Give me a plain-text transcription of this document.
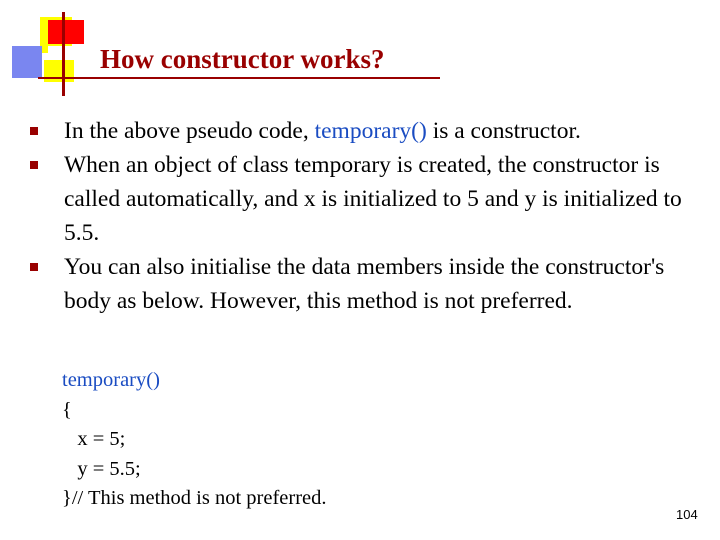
How constructor works?
In the above pseudo code, temporary() is a constructor.
When an object of class temporary is created, the constructor is called automatically, and x is initialized to 5 and y is initialized to 5.5.
You can also initialise the data members inside the constructor's body as below. However, this method is not preferred.
temporary()
{
x = 5;
y = 5.5;
}// This method is not preferred.
104
